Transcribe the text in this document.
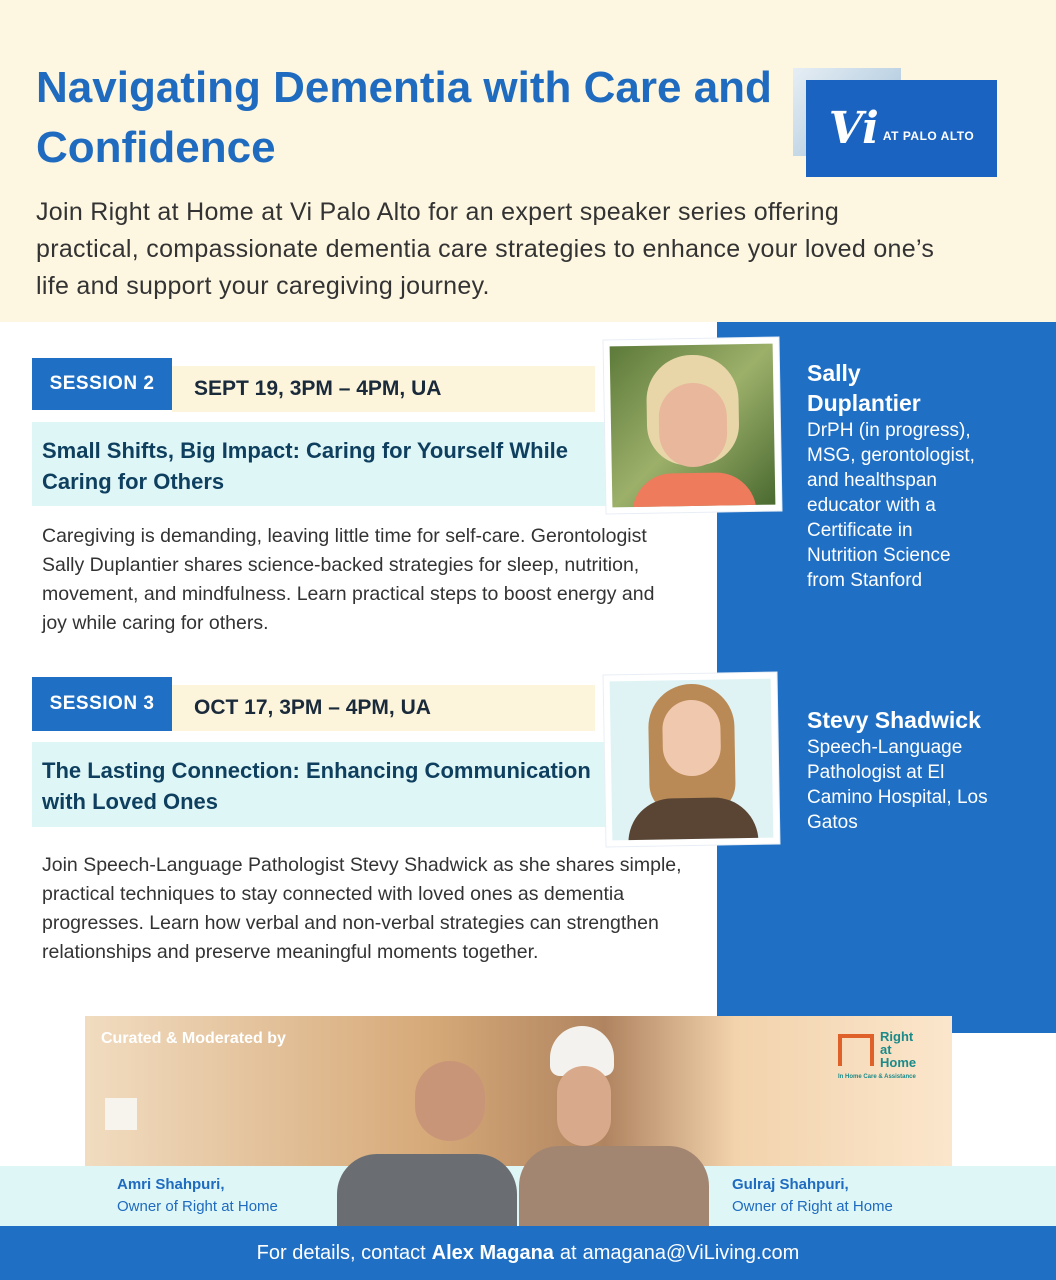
Navigating Dementia with Care and Confidence

Join Right at Home at Vi Palo Alto for an expert speaker series offering practical, compassionate dementia care strategies to enhance your loved one’s life and support your caregiving journey.

Vi AT PALO ALTO
SESSION 2	SEPT 19, 3PM – 4PM, UA
Small Shifts, Big Impact: Caring for Yourself While Caring for Others

Caregiving is demanding, leaving little time for self-care. Gerontologist Sally Duplantier shares science-backed strategies for sleep, nutrition, movement, and mindfulness. Learn practical steps to boost energy and joy while caring for others.

Sally Duplantier
DrPH (in progress), MSG, gerontologist, and healthspan educator with a Certificate in Nutrition Science from Stanford
SESSION 3	OCT 17, 3PM – 4PM, UA
The Lasting Connection: Enhancing Communication with Loved Ones

Join Speech-Language Pathologist Stevy Shadwick as she shares simple, practical techniques to stay connected with loved ones as dementia progresses. Learn how verbal and non-verbal strategies can strengthen relationships and preserve meaningful moments together.

Stevy Shadwick
Speech-Language Pathologist at El Camino Hospital, Los Gatos
Curated & Moderated by	Right
at
Home
In Home Care & Assistance
Amri Shahpuri,
Owner of Right at Home
Gulraj Shahpuri,
Owner of Right at Home
For details, contact Alex Magana at amagana@ViLiving.com
